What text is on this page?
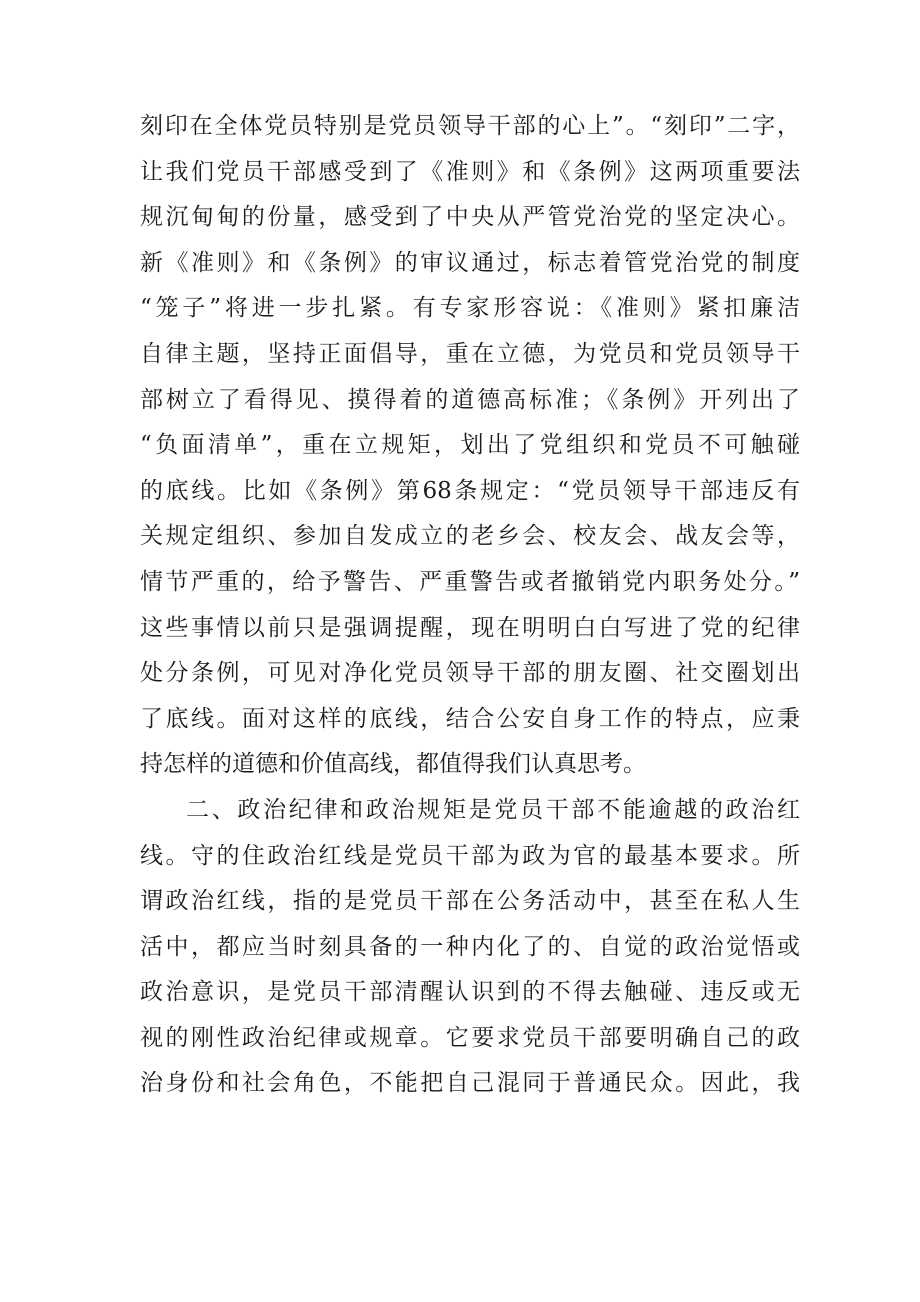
刻印在全体党员特别是党员领导干部的心上”。“刻印”二字，
让我们党员干部感受到了《准则》和《条例》这两项重要法
规沉甸甸的份量，感受到了中央从严管党治党的坚定决心。
新《准则》和《条例》的审议通过，标志着管党治党的制度
“笼子”将进一步扎紧。有专家形容说：《准则》紧扣廉洁
自律主题，坚持正面倡导，重在立德，为党员和党员领导干
部树立了看得见、摸得着的道德高标准；《条例》开列出了
“负面清单”，重在立规矩，划出了党组织和党员不可触碰
的底线。比如《条例》第68条规定：“党员领导干部违反有
关规定组织、参加自发成立的老乡会、校友会、战友会等，
情节严重的，给予警告、严重警告或者撤销党内职务处分。”
这些事情以前只是强调提醒，现在明明白白写进了党的纪律
处分条例，可见对净化党员领导干部的朋友圈、社交圈划出
了底线。面对这样的底线，结合公安自身工作的特点，应秉
持怎样的道德和价值高线，都值得我们认真思考。
二、政治纪律和政治规矩是党员干部不能逾越的政治红
线。守的住政治红线是党员干部为政为官的最基本要求。所
谓政治红线，指的是党员干部在公务活动中，甚至在私人生
活中，都应当时刻具备的一种内化了的、自觉的政治觉悟或
政治意识，是党员干部清醒认识到的不得去触碰、违反或无
视的刚性政治纪律或规章。它要求党员干部要明确自己的政
治身份和社会角色，不能把自己混同于普通民众。因此，我
